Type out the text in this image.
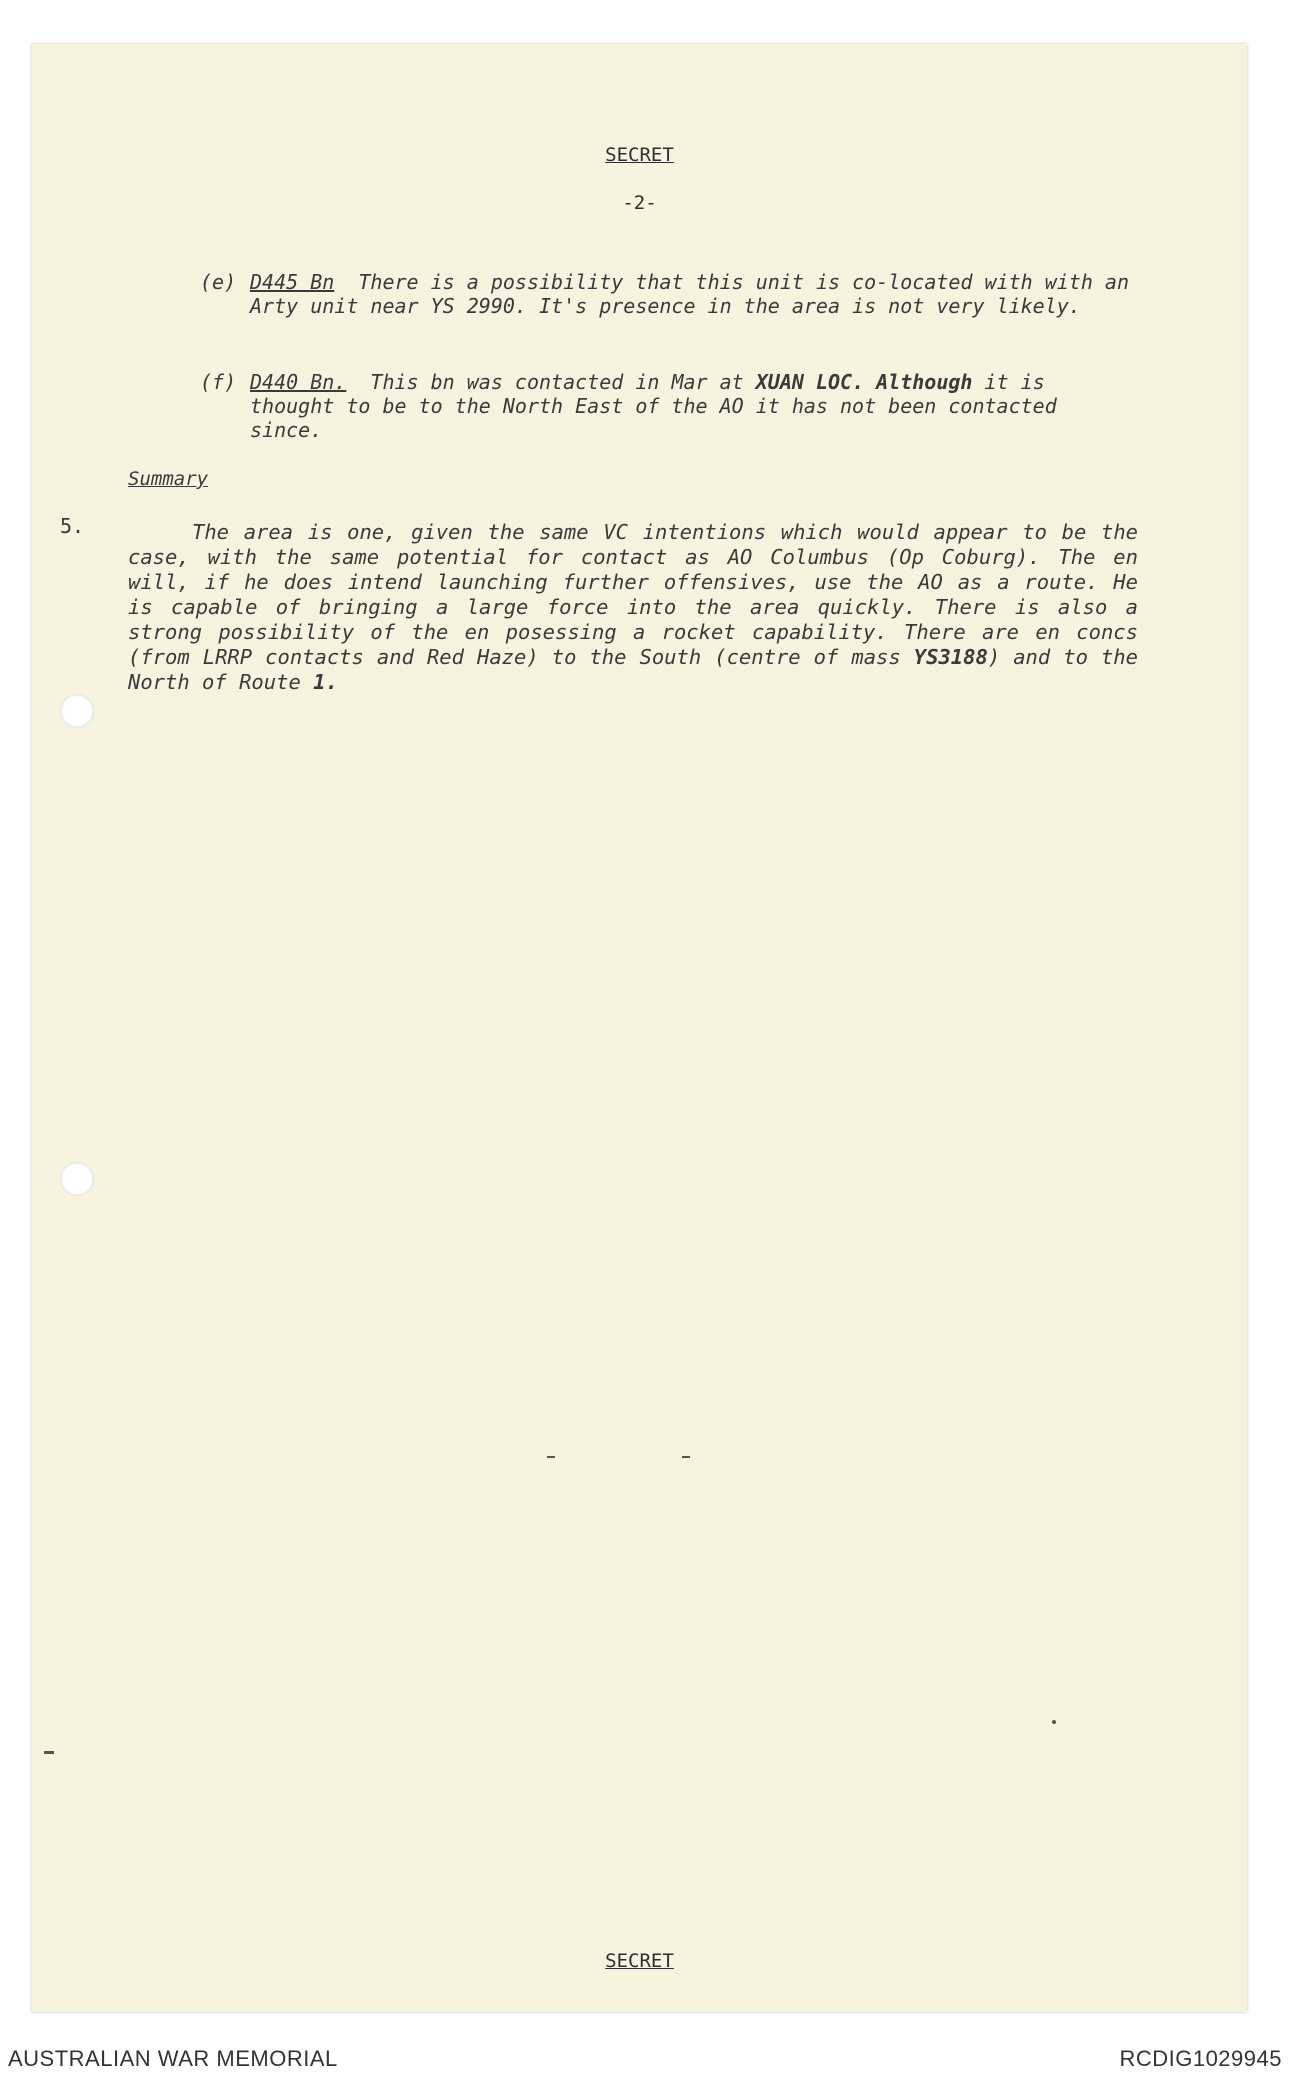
SECRET
-2-
(e) D445 Bn There is a possibility that this unit is co-located with with an Arty unit near YS 2990. It's presence in the area is not very likely.
(f) D440 Bn. This bn was contacted in Mar at XUAN LOC. Although it is thought to be to the North East of the AO it has not been contacted since.
Summary
5.	The area is one, given the same VC intentions which would appear to be the case, with the same potential for contact as AO Columbus (Op Coburg). The en will, if he does intend launching further offensives, use the AO as a route. He is capable of bringing a large force into the area quickly. There is also a strong possibility of the en posessing a rocket capability. There are en concs (from LRRP contacts and Red Haze) to the South (centre of mass YS3188) and to the North of Route 1.
SECRET
AUSTRALIAN WAR MEMORIAL	RCDIG1029945
